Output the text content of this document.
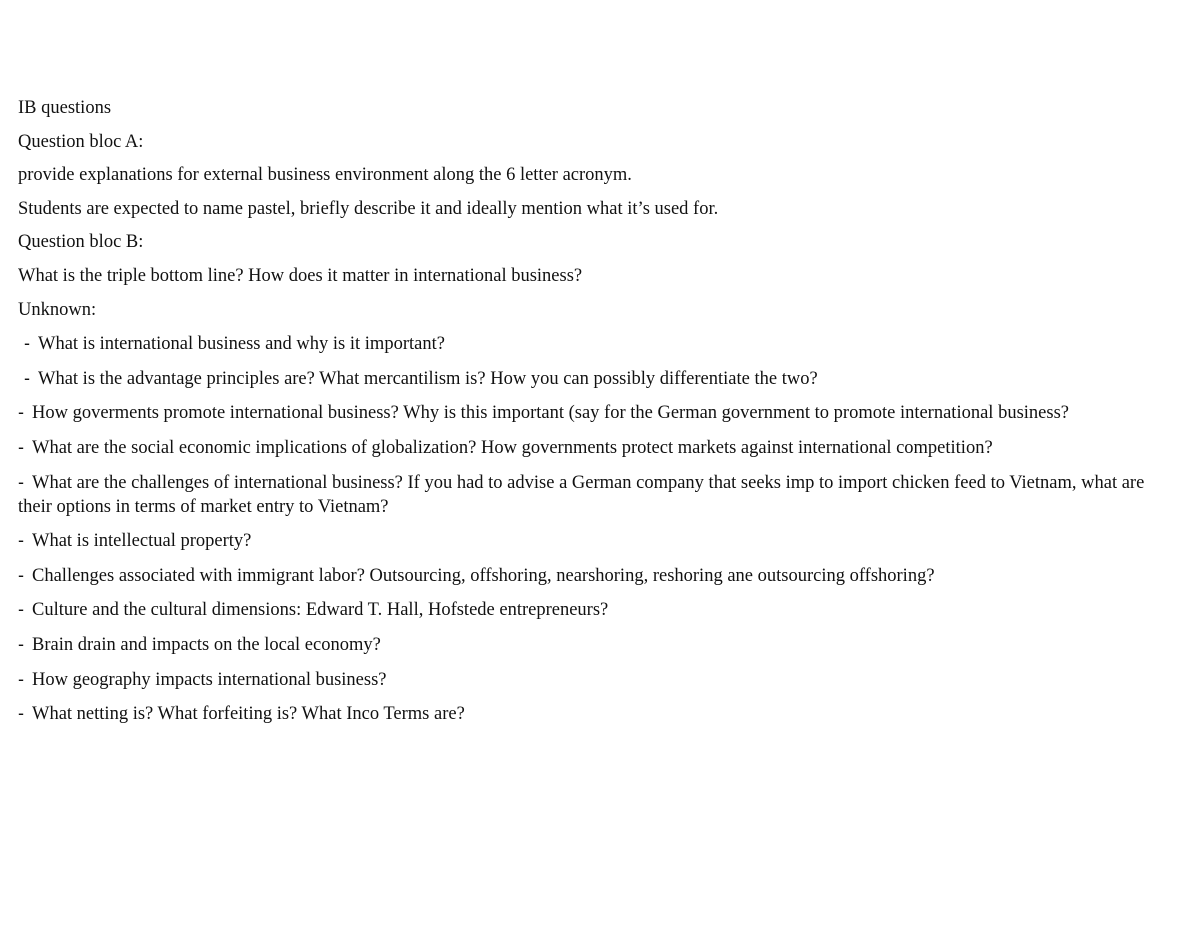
IB questions

Question bloc A:

provide explanations for external business environment along the 6 letter acronym.

Students are expected to name pastel, briefly describe it and ideally mention what it’s used for.

Question bloc B:

What is the triple bottom line? How does it matter in international business?

Unknown:

- What is international business and why is it important?

- What is the advantage principles are? What mercantilism is? How you can possibly differentiate the two?

- How goverments promote international business? Why is this important (say for the German government to promote international business?

- What are the social economic implications of globalization? How governments protect markets against international competition?

- What are the challenges of international business? If you had to advise a German company that seeks imp to import chicken feed to Vietnam, what are their options in terms of market entry to Vietnam?

- What is intellectual property?

- Challenges associated with immigrant labor? Outsourcing, offshoring, nearshoring, reshoring ane outsourcing offshoring?

- Culture and the cultural dimensions: Edward T. Hall, Hofstede entrepreneurs?

- Brain drain and impacts on the local economy?

- How geography impacts international business?

- What netting is? What forfeiting is? What Inco Terms are?
